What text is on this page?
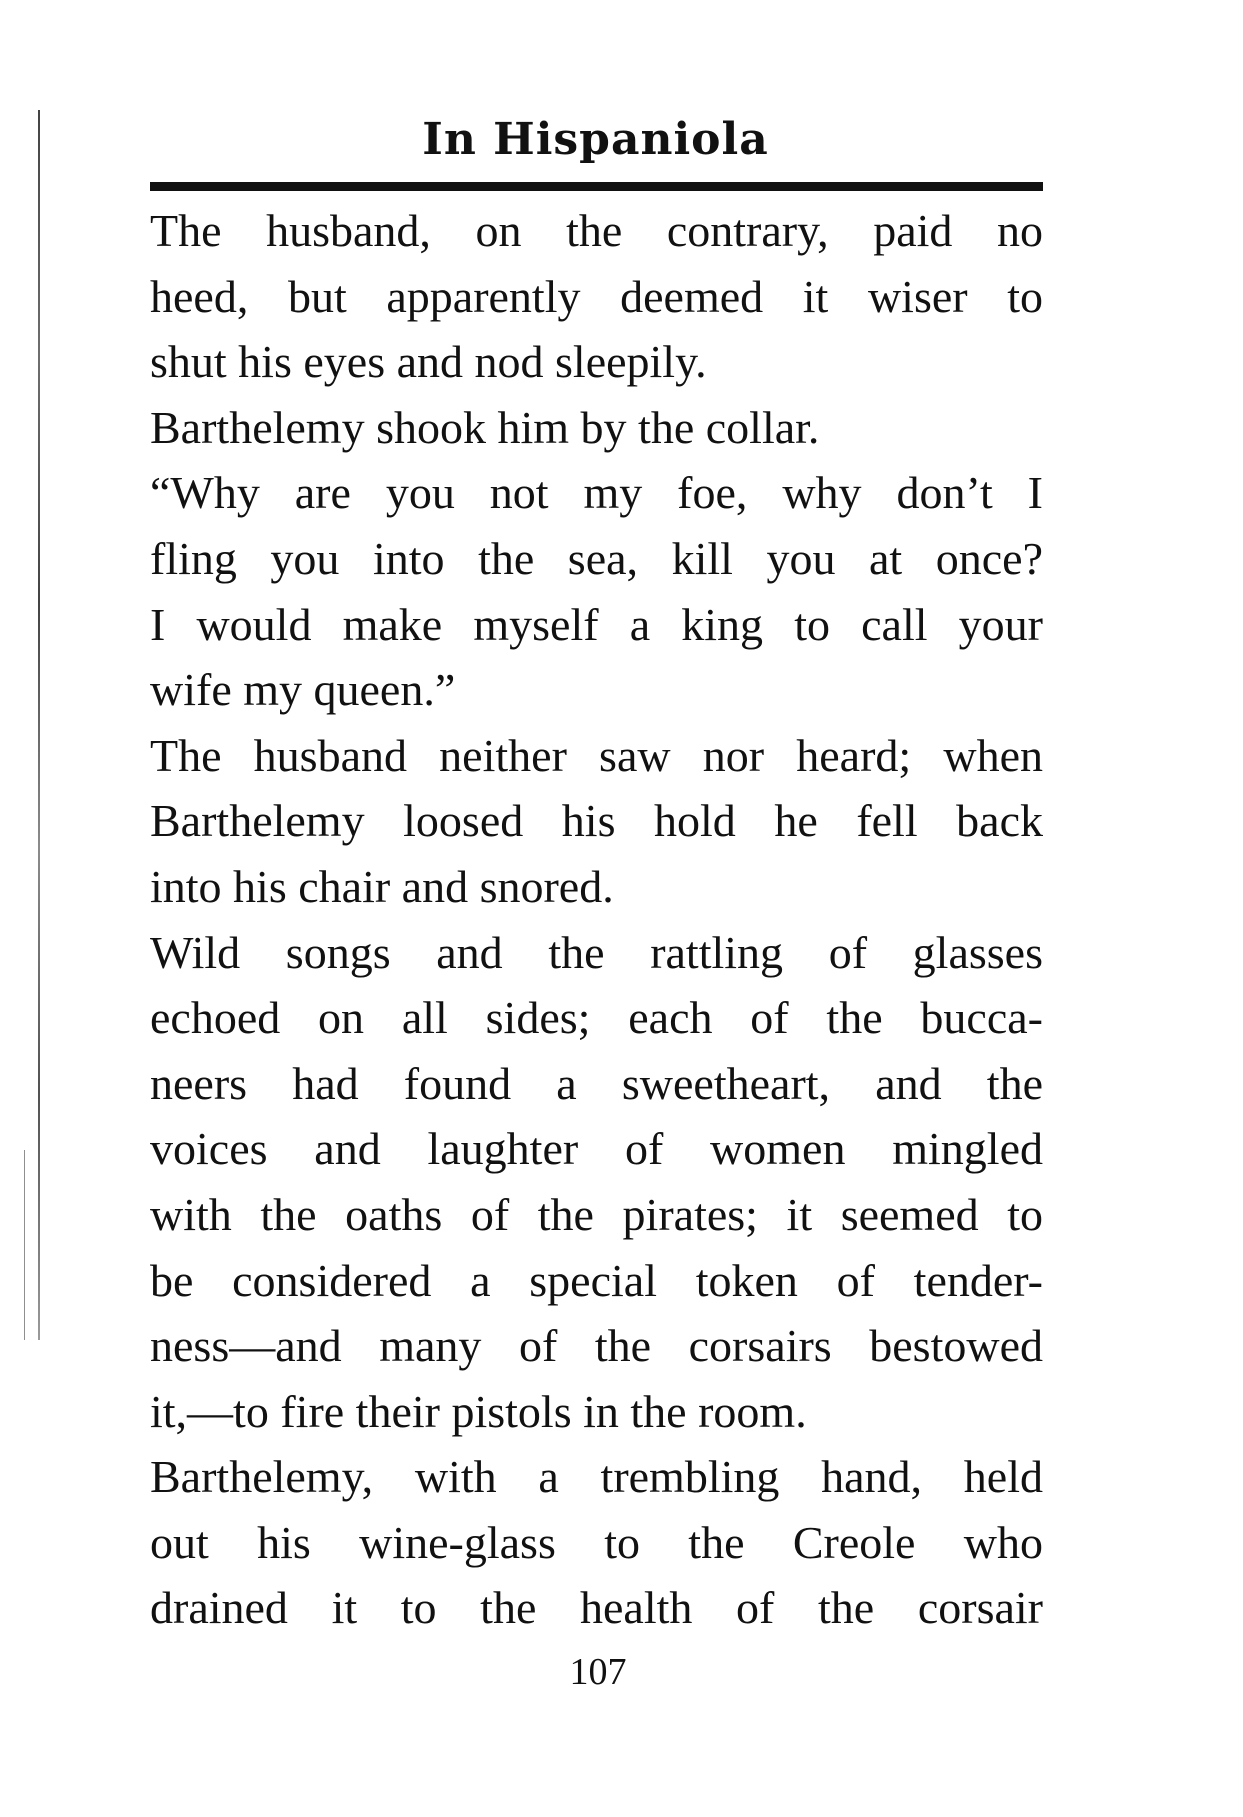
In Hispaniola
The husband, on the contrary, paid no
heed, but apparently deemed it wiser to
shut his eyes and nod sleepily.
Barthelemy shook him by the collar.
“Why are you not my foe, why don’t I
fling you into the sea, kill you at once?
I would make myself a king to call your
wife my queen.”
The husband neither saw nor heard; when
Barthelemy loosed his hold he fell back
into his chair and snored.
Wild songs and the rattling of glasses
echoed on all sides; each of the bucca-
neers had found a sweetheart, and the
voices and laughter of women mingled
with the oaths of the pirates; it seemed to
be considered a special token of tender-
ness—and many of the corsairs bestowed
it,—to fire their pistols in the room.
Barthelemy, with a trembling hand, held
out his wine-glass to the Creole who
drained it to the health of the corsair
107
